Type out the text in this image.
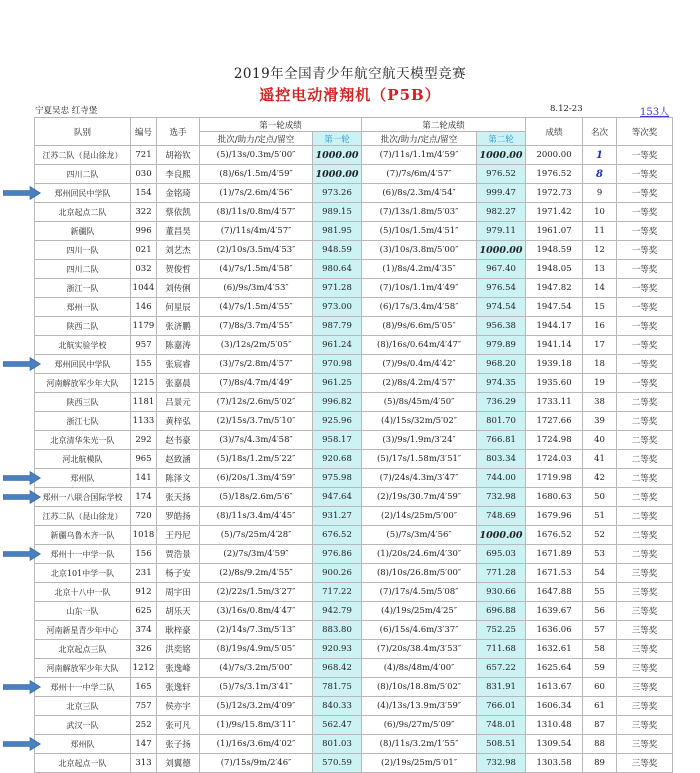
2019年全国青少年航空航天模型竞赛
遥控电动滑翔机（P5B）
宁夏吴忠 红寺堡	8.12-23	153人
队别	编号	选手	第一轮成绩		第二轮成绩		成绩	名次	等次奖
			批次/助力/定点/留空	第一轮	批次/助力/定点/留空	第二轮			
江苏二队（昆山徐龙）	721	胡裕钦	(5)/13s/0.3m/5′00″	1000.00	(7)/11s/1.1m/4′59″	1000.00	2000.00	1	一等奖
四川二队	030	李良熙	(8)/6s/1.5m/4′59″	1000.00	(7)/7s/6m/4′57″	976.52	1976.52	8	一等奖
郑州回民中学队	154	金铭琦	(1)/7s/2.6m/4′56″	973.26	(6)/8s/2.3m/4′54″	999.47	1972.73	9	一等奖
北京起点二队	322	蔡依凯	(8)/11s/0.8m/4′57″	989.15	(7)/13s/1.8m/5′03″	982.27	1971.42	10	一等奖
新疆队	996	董昌昊	(7)/11s/4m/4′57″	981.95	(5)/10s/1.5m/4′51″	979.11	1961.07	11	一等奖
四川一队	021	刘艺杰	(2)/10s/3.5m/4′53″	948.59	(3)/10s/3.8m/5′00″	1000.00	1948.59	12	一等奖
四川二队	032	贺俊哲	(4)/7s/1.5m/4′58″	980.64	(1)/8s/4.2m/4′35″	967.40	1948.05	13	一等奖
浙江一队	1044	刘传俐	(6)/9s/3m/4′53″	971.28	(7)/10s/1.1m/4′49″	976.54	1947.82	14	一等奖
郑州一队	146	何星辰	(4)/7s/1.5m/4′55″	973.00	(6)/17s/3.4m/4′58″	974.54	1947.54	15	一等奖
陕西二队	1179	张济鹏	(7)/8s/3.7m/4′55″	987.79	(8)/9s/6.6m/5′05″	956.38	1944.17	16	一等奖
北航实验学校	957	陈嘉涛	(3)/12s/2m/5′05″	961.24	(8)/16s/0.64m/4′47″	979.89	1941.14	17	一等奖
郑州回民中学队	155	张宸睿	(3)/7s/2.8m/4′57″	970.98	(7)/9s/0.4m/4′42″	968.20	1939.18	18	一等奖
河南解放军少年大队	1215	张嘉晨	(7)/8s/4.7m/4′49″	961.25	(2)/8s/4.2m/4′57″	974.35	1935.60	19	一等奖
陕西三队	1181	吕景元	(7)/12s/2.6m/5′02″	996.82	(5)/8s/45m/4′50″	736.29	1733.11	38	二等奖
浙江七队	1133	黄梓弘	(2)/15s/3.7m/5′10″	925.96	(4)/15s/32m/5′02″	801.70	1727.66	39	二等奖
北京清华朱光一队	292	赵书豪	(3)/7s/4.3m/4′58″	958.17	(3)/9s/1.9m/3′24″	766.81	1724.98	40	二等奖
河北航模队	965	赵致涵	(5)/18s/1.2m/5′22″	920.68	(5)/17s/1.58m/3′51″	803.34	1724.03	41	二等奖
郑州队	141	陈泽文	(6)/20s/1.3m/4′59″	975.98	(7)/24s/4.3m/3′47″	744.00	1719.98	42	二等奖
郑州一八联合国际学校	174	张天扬	(5)/18s/2.6m/5′6″	947.64	(2)/19s/30.7m/4′59″	732.98	1680.63	50	二等奖
江苏二队（昆山徐龙）	720	罗皓扬	(8)/11s/3.4m/4′45″	931.27	(2)/14s/25m/5′00″	748.69	1679.96	51	二等奖
新疆乌鲁木齐一队	1018	王丹尼	(5)/7s/25m/4′28″	676.52	(5)/7s/3m/4′56″	1000.00	1676.52	52	二等奖
郑州十一中学一队	156	贾浩景	(2)/7s/3m/4′59″	976.86	(1)/20s/24.6m/4′30″	695.03	1671.89	53	二等奖
北京101中学一队	231	杨子安	(2)/8s/9.2m/4′55″	900.26	(8)/10s/26.8m/5′00″	771.28	1671.53	54	三等奖
北京十八中一队	912	周宇田	(2)/22s/1.5m/3′27″	717.22	(7)/17s/4.5m/5′08″	930.66	1647.88	55	三等奖
山东一队	625	胡乐天	(3)/16s/0.8m/4′47″	942.79	(4)/19s/25m/4′25″	696.88	1639.67	56	三等奖
河南新星青少年中心	374	耿梓豪	(2)/14s/7.3m/5′13″	883.80	(6)/15s/4.6m/3′37″	752.25	1636.06	57	三等奖
北京起点三队	326	洪奕铭	(8)/19s/4.9m/5′05″	920.93	(7)/20s/38.4m/3′53″	711.68	1632.61	58	三等奖
河南解放军少年大队	1212	张逸峰	(4)/7s/3.2m/5′00″	968.42	(4)/8s/48m/4′00″	657.22	1625.64	59	三等奖
郑州十一中学二队	165	张逸轩	(5)/7s/3.1m/3′41″	781.75	(8)/10s/18.8m/5′02″	831.91	1613.67	60	三等奖
北京三队	757	侯亦宇	(5)/12s/3.2m/4′09″	840.33	(4)/13s/13.9m/3′59″	766.01	1606.34	61	三等奖
武汉一队	252	张可凡	(1)/9s/15.8m/3′11″	562.47	(6)/9s/27m/5′09″	748.01	1310.48	87	三等奖
郑州队	147	张子扬	(1)/16s/3.6m/4′02″	801.03	(8)/11s/3.2m/1′55″	508.51	1309.54	88	三等奖
北京起点一队	313	刘翼德	(7)/15s/9m/2′46″	570.59	(2)/19s/25m/5′01″	732.98	1303.58	89	三等奖
